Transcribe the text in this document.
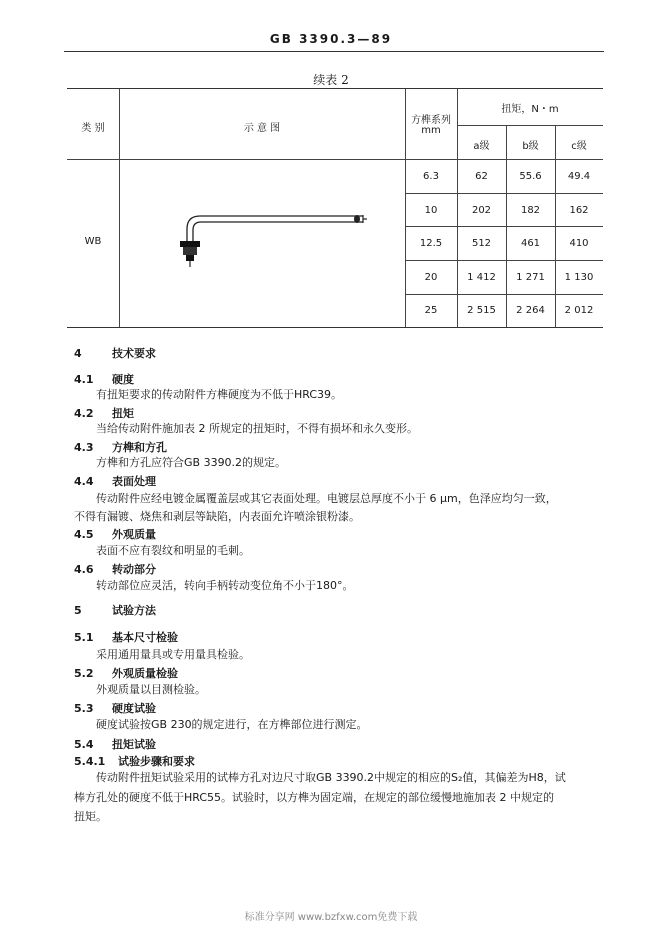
GB 3390.3—89
续表 2
类 别	示 意 图
方榫系列
mm
扭矩，N・m
a级	b级	c级
WB
6.3	62	55.6	49.4
10	202	182	162
12.5	512	461	410
20	1 412	1 271	1 130
25	2 515	2 264	2 012
4	技术要求
4.1 硬度
有扭矩要求的传动附件方榫硬度为不低于HRC39。
4.2 扭矩
当给传动附件施加表 2 所规定的扭矩时，不得有损坏和永久变形。
4.3 方榫和方孔
方榫和方孔应符合GB 3390.2的规定。
4.4 表面处理
传动附件应经电镀金属覆盖层或其它表面处理。电镀层总厚度不小于 6 μm，色泽应均匀一致，
不得有漏镀、烧焦和剥层等缺陷，内表面允许喷涂银粉漆。
4.5 外观质量
表面不应有裂纹和明显的毛刺。
4.6 转动部分
转动部位应灵活，转向手柄转动变位角不小于180°。
5	试验方法
5.1 基本尺寸检验
采用通用量具或专用量具检验。
5.2 外观质量检验
外观质量以目测检验。
5.3 硬度试验
硬度试验按GB 230的规定进行，在方榫部位进行测定。
5.4 扭矩试验
5.4.1 试验步骤和要求
传动附件扭矩试验采用的试棒方孔对边尺寸取GB 3390.2中规定的相应的S₂值，其偏差为H8，试
棒方孔处的硬度不低于HRC55。试验时，以方榫为固定端，在规定的部位缓慢地施加表 2 中规定的
扭矩。
标准分享网 www.bzfxw.com免费下载
